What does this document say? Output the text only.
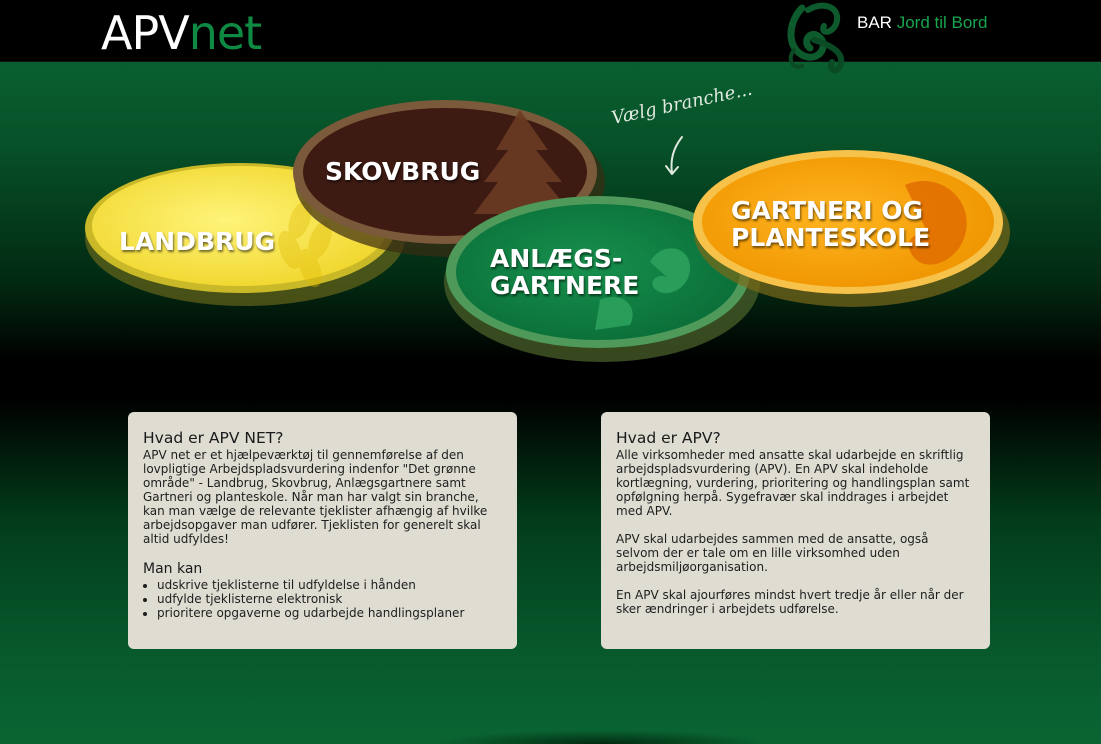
APVnet	BAR Jord til Bord
LANDBRUG
SKOVBRUG
ANLÆGS-
GARTNERE
GARTNERI OG
PLANTESKOLE
Vælg branche...
Hvad er APV NET?

APV net er et hjælpeværktøj til gennemførelse af den lovpligtige Arbejdspladsvurdering indenfor "Det grønne område" - Landbrug, Skovbrug, Anlægsgartnere samt Gartneri og planteskole. Når man har valgt sin branche, kan man vælge de relevante tjeklister afhængig af hvilke arbejdsopgaver man udfører. Tjeklisten for generelt skal altid udfyldes!

Man kan
• udskrive tjeklisterne til udfyldelse i hånden
• udfylde tjeklisterne elektronisk
• prioritere opgaverne og udarbejde handlingsplaner
Hvad er APV?

Alle virksomheder med ansatte skal udarbejde en skriftlig arbejdspladsvurdering (APV). En APV skal indeholde kortlægning, vurdering, prioritering og handlingsplan samt opfølgning herpå. Sygefravær skal inddrages i arbejdet med APV.

APV skal udarbejdes sammen med de ansatte, også selvom der er tale om en lille virksomhed uden arbejdsmiljøorganisation.

En APV skal ajourføres mindst hvert tredje år eller når der sker ændringer i arbejdets udførelse.
